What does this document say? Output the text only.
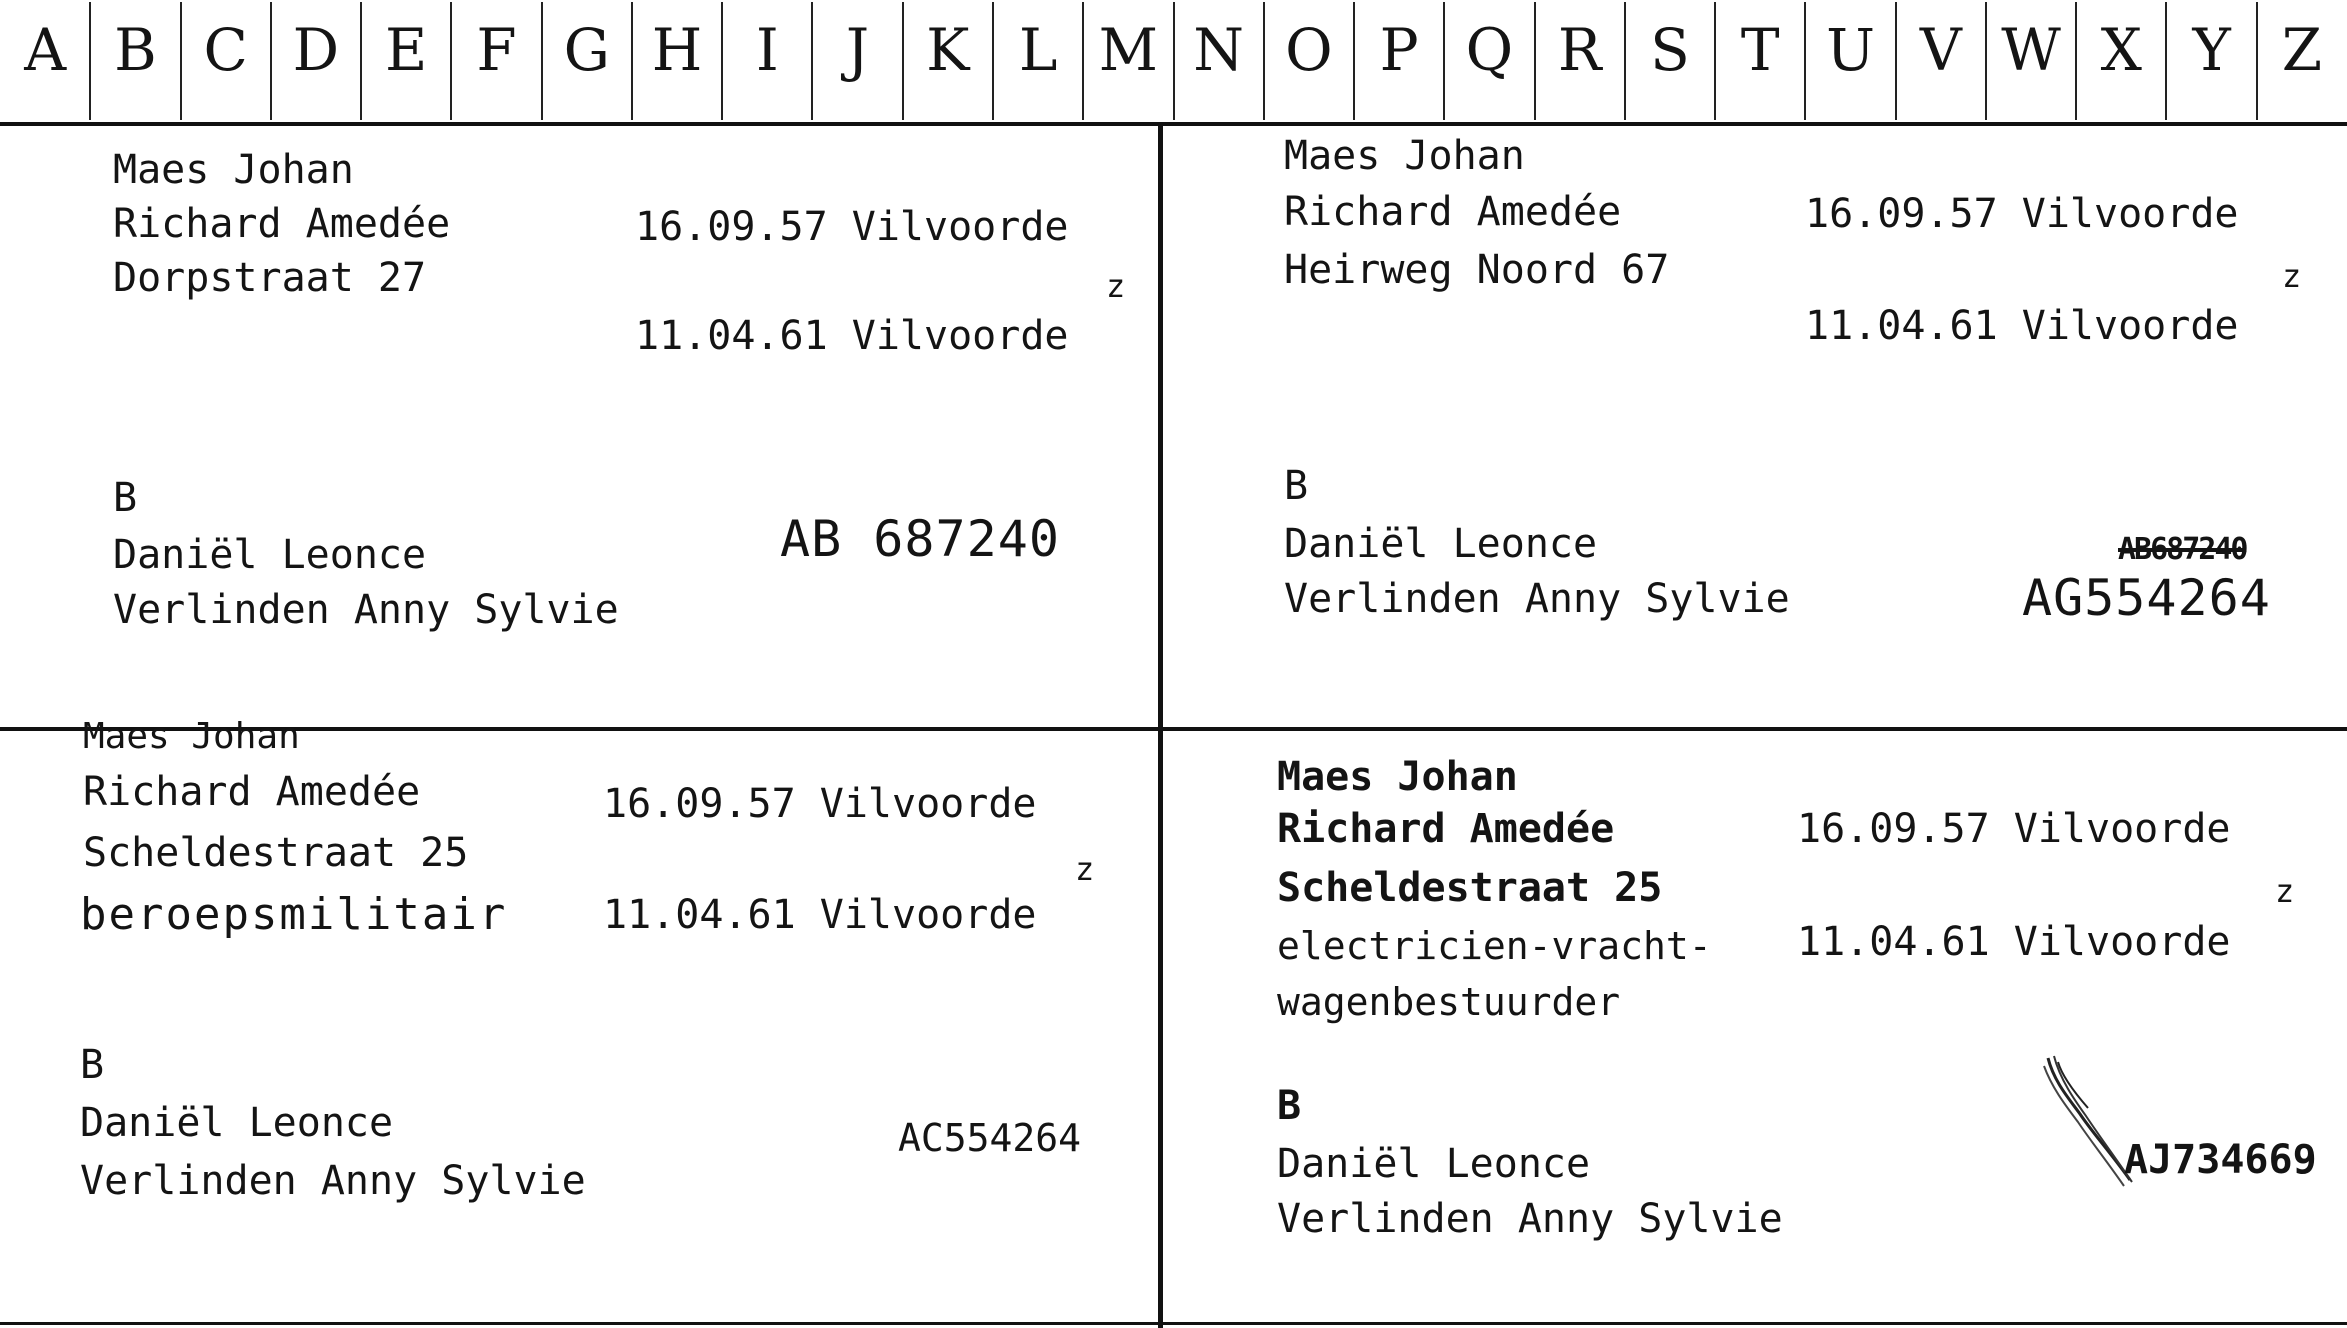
A B C D E F G H I	J K L M N O P Q R S T U V W X Y Z
Maes Johan
Richard Amedée
Dorpstraat 27
16.09.57 Vilvoorde
z
11.04.61 Vilvoorde
B
Daniël Leonce
Verlinden Anny Sylvie
AB 687240
Maes Johan
Richard Amedée
Heirweg Noord 67
16.09.57 Vilvoorde
z
11.04.61 Vilvoorde
B
Daniël Leonce
Verlinden Anny Sylvie
AB687240
AG554264
Maes Johan
Richard Amedée
Scheldestraat 25
beroepsmilitair
16.09.57 Vilvoorde
z
11.04.61 Vilvoorde
B
Daniël Leonce
Verlinden Anny Sylvie
AC554264
Maes Johan
Richard Amedée
Scheldestraat 25
electricien-vracht-
wagenbestuurder
16.09.57 Vilvoorde
z
11.04.61 Vilvoorde
B
Daniël Leonce
Verlinden Anny Sylvie
AJ734669
